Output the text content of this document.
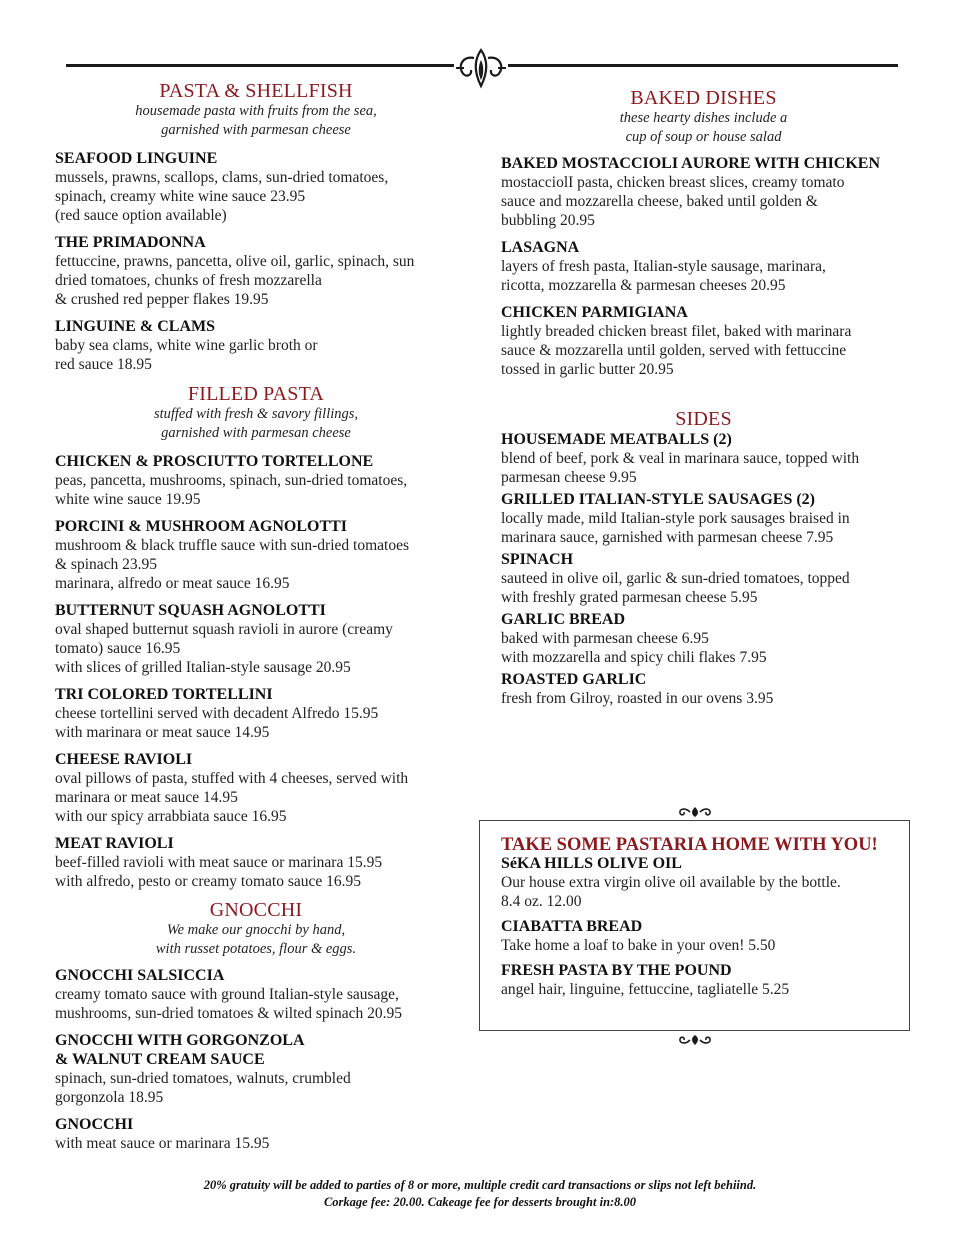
PASTA & SHELLFISH
housemade pasta with fruits from the sea,
garnished with parmesan cheese
SEAFOOD LINGUINE
mussels, prawns, scallops, clams, sun-dried tomatoes,
spinach, creamy white wine sauce 23.95
(red sauce option available)
THE PRIMADONNA
fettuccine, prawns, pancetta, olive oil, garlic, spinach, sun
dried tomatoes, chunks of fresh mozzarella
& crushed red pepper flakes 19.95
LINGUINE & CLAMS
baby sea clams, white wine garlic broth or
red sauce 18.95
FILLED PASTA
stuffed with fresh & savory fillings,
garnished with parmesan cheese
CHICKEN & PROSCIUTTO TORTELLONE
peas, pancetta, mushrooms, spinach, sun-dried tomatoes,
white wine sauce 19.95
PORCINI & MUSHROOM AGNOLOTTI
mushroom & black truffle sauce with sun-dried tomatoes
& spinach 23.95
marinara, alfredo or meat sauce 16.95
BUTTERNUT SQUASH AGNOLOTTI
oval shaped butternut squash ravioli in aurore (creamy
tomato) sauce 16.95
with slices of grilled Italian-style sausage 20.95
TRI COLORED TORTELLINI
cheese tortellini served with decadent Alfredo 15.95
with marinara or meat sauce 14.95
CHEESE RAVIOLI
oval pillows of pasta, stuffed with 4 cheeses, served with
marinara or meat sauce 14.95
with our spicy arrabbiata sauce 16.95
MEAT RAVIOLI
beef-filled ravioli with meat sauce or marinara 15.95
with alfredo, pesto or creamy tomato sauce 16.95
GNOCCHI
We make our gnocchi by hand,
with russet potatoes, flour & eggs.
GNOCCHI SALSICCIA
creamy tomato sauce with ground Italian-style sausage,
mushrooms, sun-dried tomatoes & wilted spinach 20.95
GNOCCHI WITH GORGONZOLA
& WALNUT CREAM SAUCE
spinach, sun-dried tomatoes, walnuts, crumbled
gorgonzola 18.95
GNOCCHI
with meat sauce or marinara 15.95
BAKED DISHES
these hearty dishes include a
cup of soup or house salad
BAKED MOSTACCIOLI AURORE WITH CHICKEN
mostacciolI pasta, chicken breast slices, creamy tomato
sauce and mozzarella cheese, baked until golden &
bubbling 20.95
LASAGNA
layers of fresh pasta, Italian-style sausage, marinara,
ricotta, mozzarella & parmesan cheeses 20.95
CHICKEN PARMIGIANA
lightly breaded chicken breast filet, baked with marinara
sauce & mozzarella until golden, served with fettuccine
tossed in garlic butter 20.95
SIDES
HOUSEMADE MEATBALLS (2)
blend of beef, pork & veal in marinara sauce, topped with
parmesan cheese 9.95
GRILLED ITALIAN-STYLE SAUSAGES (2)
locally made, mild Italian-style pork sausages braised in
marinara sauce, garnished with parmesan cheese 7.95
SPINACH
sauteed in olive oil, garlic & sun-dried tomatoes, topped
with freshly grated parmesan cheese 5.95
GARLIC BREAD
baked with parmesan cheese 6.95
with mozzarella and spicy chili flakes 7.95
ROASTED GARLIC
fresh from Gilroy, roasted in our ovens 3.95
TAKE SOME PASTARIA HOME WITH YOU!
SéKA HILLS OLIVE OIL
Our house extra virgin olive oil available by the bottle.
8.4 oz. 12.00
CIABATTA BREAD
Take home a loaf to bake in your oven! 5.50
FRESH PASTA BY THE POUND
angel hair, linguine, fettuccine, tagliatelle 5.25
20% gratuity will be added to parties of 8 or more, multiple credit card transactions or slips not left behiind.
Corkage fee: 20.00. Cakeage fee for desserts brought in:8.00
